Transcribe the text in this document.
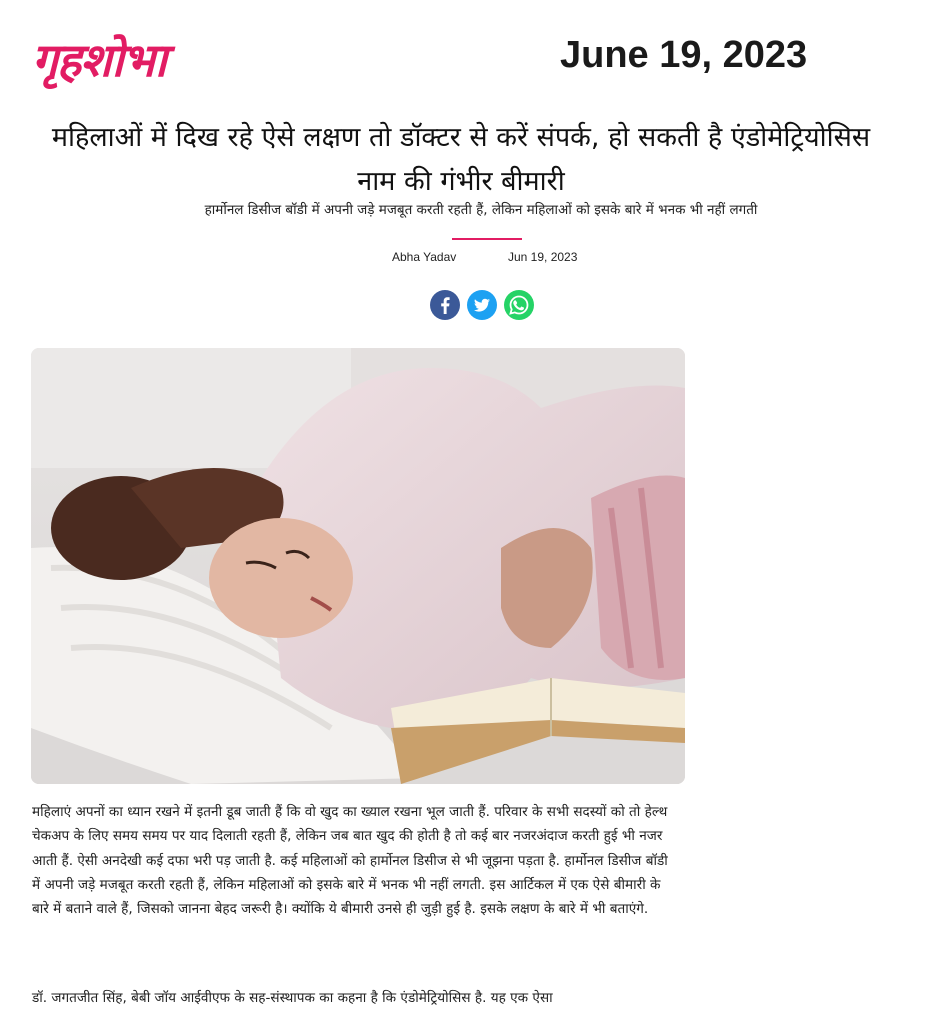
गृहशोभा	June 19, 2023
महिलाओं में दिख रहे ऐसे लक्षण तो डॉक्टर से करें संपर्क, हो सकती है एंडोमेट्रियोसिस नाम की गंभीर बीमारी
हार्मोनल डिसीज बॉडी में अपनी जड़े मजबूत करती रहती हैं, लेकिन महिलाओं को इसके बारे में भनक भी नहीं लगती
Abha Yadav	Jun 19, 2023

महिलाएं अपनों का ध्यान रखने में इतनी डूब जाती हैं कि वो खुद का ख्याल रखना भूल जाती हैं. परिवार के सभी सदस्यों को तो हेल्थ चेकअप के लिए समय समय पर याद दिलाती रहती हैं, लेकिन जब बात खुद की होती है तो कई बार नजरअंदाज करती हुई भी नजर आती हैं. ऐसी अनदेखी कई दफा भरी पड़ जाती है. कई महिलाओं को हार्मोनल डिसीज से भी जूझना पड़ता है. हार्मोनल डिसीज बॉडी में अपनी जड़े मजबूत करती रहती हैं, लेकिन महिलाओं को इसके बारे में भनक भी नहीं लगती. इस आर्टिकल में एक ऐसे बीमारी के बारे में बताने वाले हैं, जिसको जानना बेहद जरूरी है। क्योंकि ये बीमारी उनसे ही जुड़ी हुई है. इसके लक्षण के बारे में भी बताएंगे.

डॉ. जगतजीत सिंह, बेबी जॉय आईवीएफ के सह-संस्थापक का कहना है कि एंडोमेट्रियोसिस है. यह एक ऐसा
